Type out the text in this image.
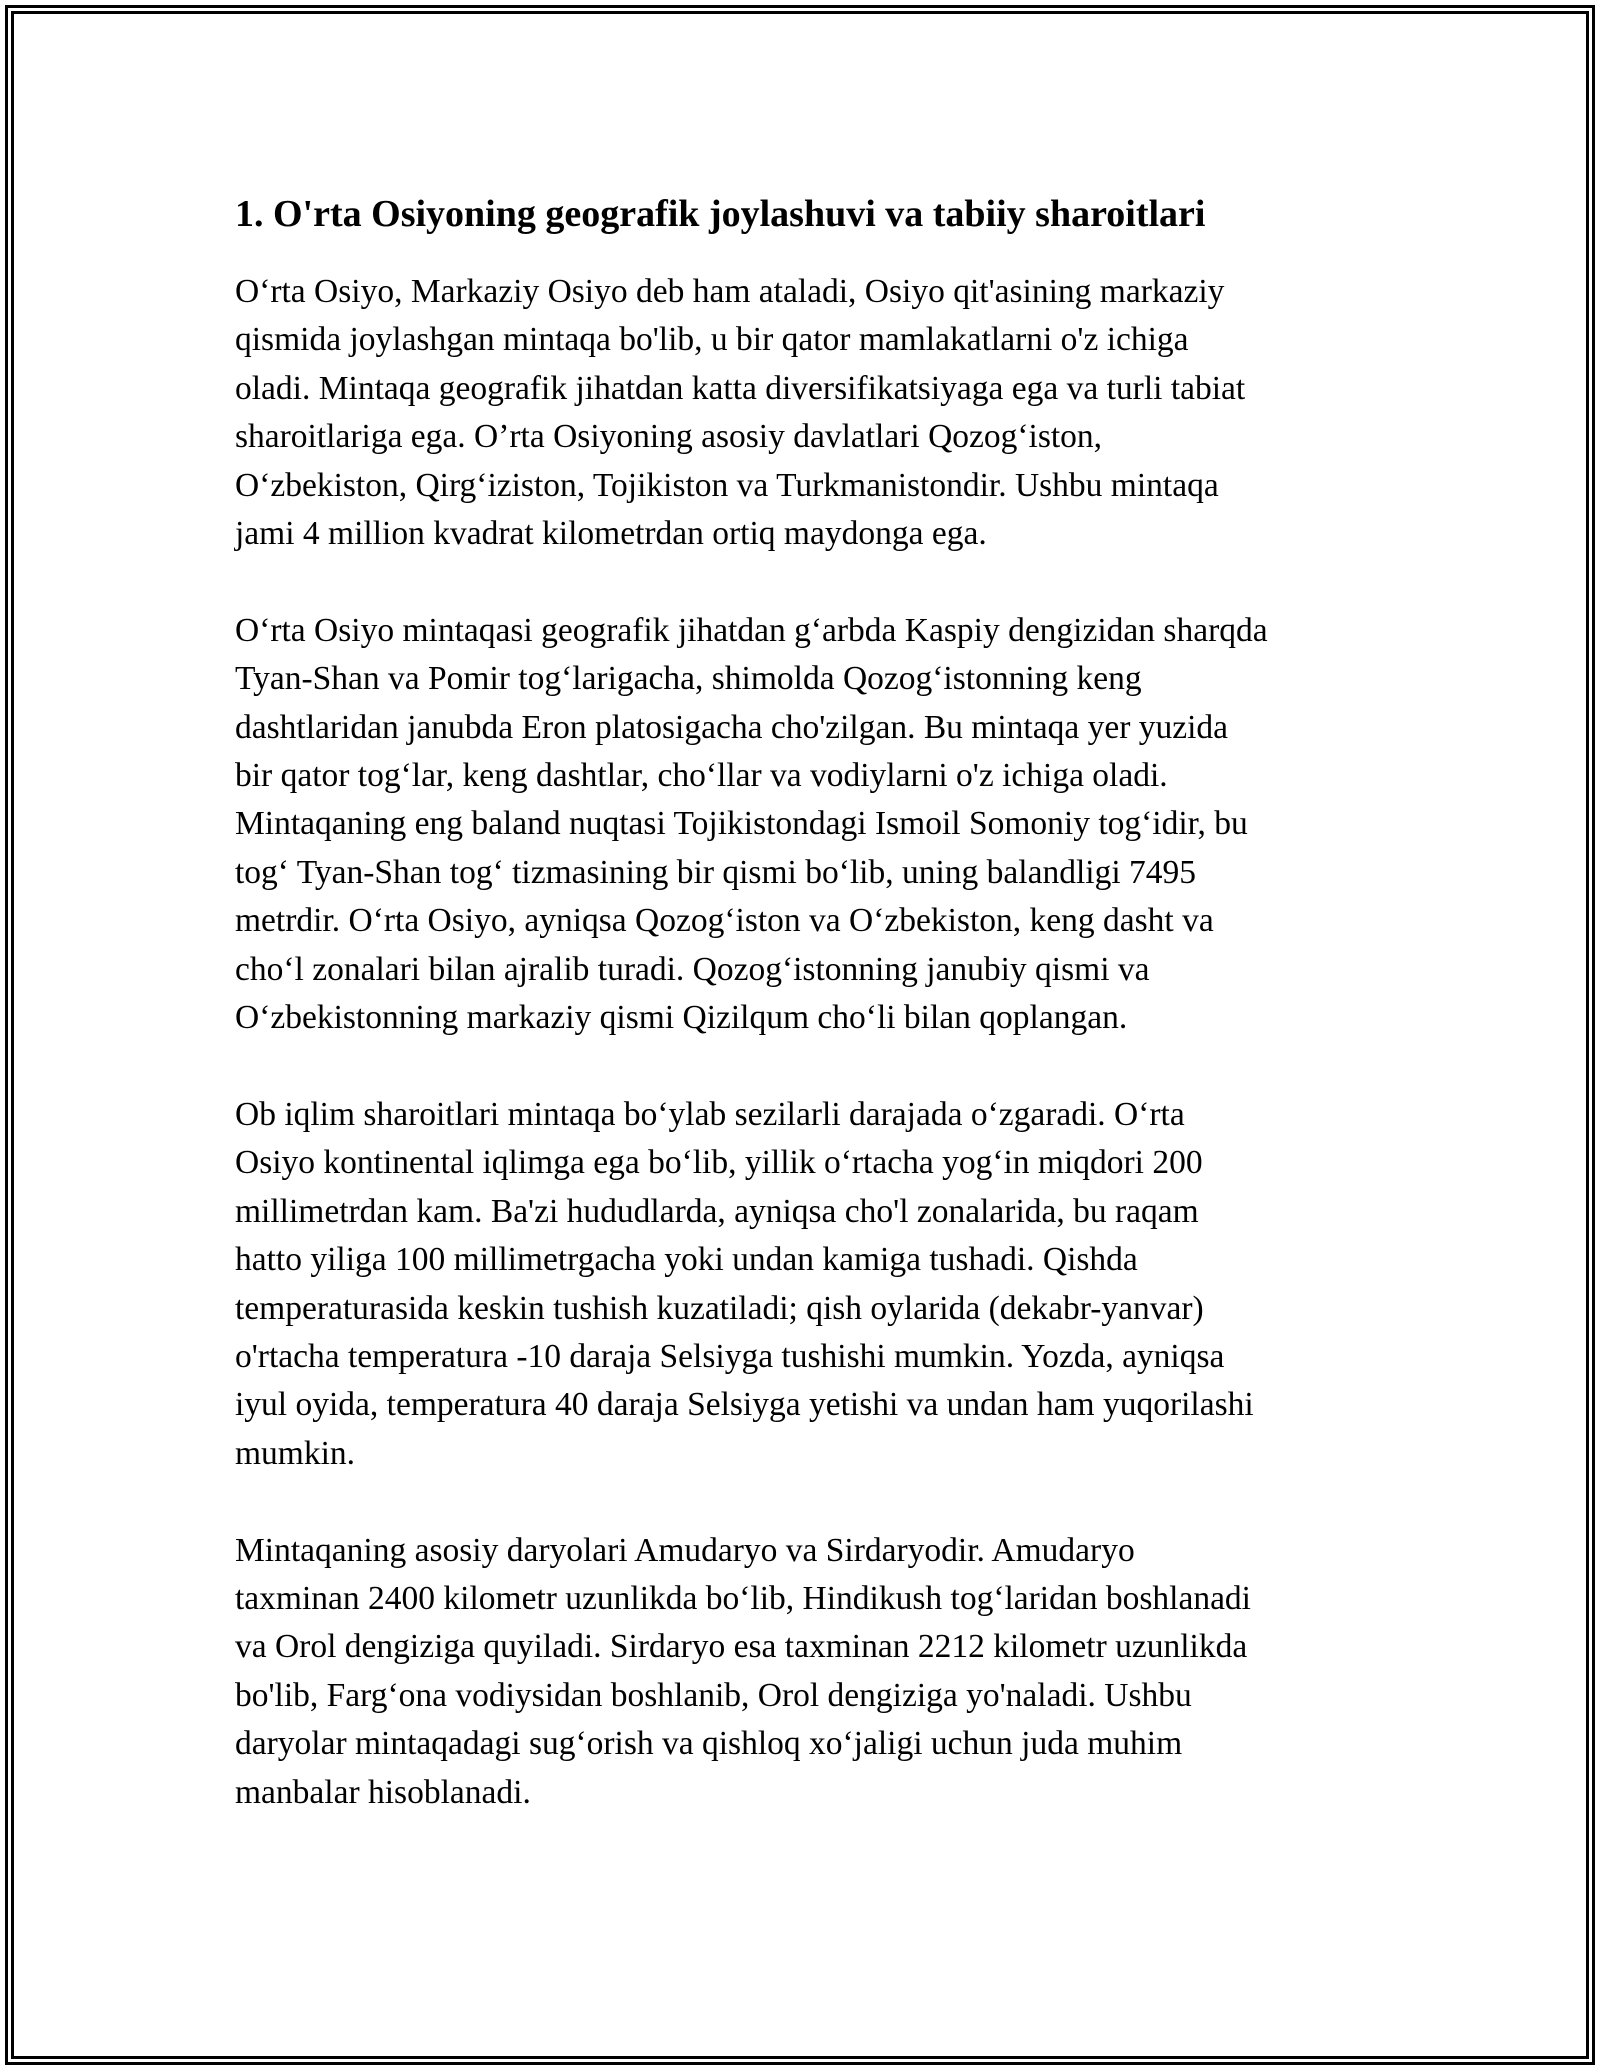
1. O'rta Osiyoning geografik joylashuvi va tabiiy sharoitlari

O‘rta Osiyo, Markaziy Osiyo deb ham ataladi, Osiyo qit'asining markaziy
qismida joylashgan mintaqa bo'lib, u bir qator mamlakatlarni o'z ichiga
oladi. Mintaqa geografik jihatdan katta diversifikatsiyaga ega va turli tabiat
sharoitlariga ega. O’rta Osiyoning asosiy davlatlari Qozog‘iston,
O‘zbekiston, Qirg‘iziston, Tojikiston va Turkmanistondir. Ushbu mintaqa
jami 4 million kvadrat kilometrdan ortiq maydonga ega.

O‘rta Osiyo mintaqasi geografik jihatdan g‘arbda Kaspiy dengizidan sharqda
Tyan-Shan va Pomir tog‘larigacha, shimolda Qozog‘istonning keng
dashtlaridan janubda Eron platosigacha cho'zilgan. Bu mintaqa yer yuzida
bir qator tog‘lar, keng dashtlar, cho‘llar va vodiylarni o'z ichiga oladi.
Mintaqaning eng baland nuqtasi Tojikistondagi Ismoil Somoniy tog‘idir, bu
tog‘ Tyan-Shan tog‘ tizmasining bir qismi bo‘lib, uning balandligi 7495
metrdir. O‘rta Osiyo, ayniqsa Qozog‘iston va O‘zbekiston, keng dasht va
cho‘l zonalari bilan ajralib turadi. Qozog‘istonning janubiy qismi va
O‘zbekistonning markaziy qismi Qizilqum cho‘li bilan qoplangan.

Ob iqlim sharoitlari mintaqa bo‘ylab sezilarli darajada o‘zgaradi. O‘rta
Osiyo kontinental iqlimga ega bo‘lib, yillik o‘rtacha yog‘in miqdori 200
millimetrdan kam. Ba'zi hududlarda, ayniqsa cho'l zonalarida, bu raqam
hatto yiliga 100 millimetrgacha yoki undan kamiga tushadi. Qishda
temperaturasida keskin tushish kuzatiladi; qish oylarida (dekabr-yanvar)
o'rtacha temperatura -10 daraja Selsiyga tushishi mumkin. Yozda, ayniqsa
iyul oyida, temperatura 40 daraja Selsiyga yetishi va undan ham yuqorilashi
mumkin.

Mintaqaning asosiy daryolari Amudaryo va Sirdaryodir. Amudaryo
taxminan 2400 kilometr uzunlikda bo‘lib, Hindikush tog‘laridan boshlanadi
va Orol dengiziga quyiladi. Sirdaryo esa taxminan 2212 kilometr uzunlikda
bo'lib, Farg‘ona vodiysidan boshlanib, Orol dengiziga yo'naladi. Ushbu
daryolar mintaqadagi sug‘orish va qishloq xo‘jaligi uchun juda muhim
manbalar hisoblanadi.
